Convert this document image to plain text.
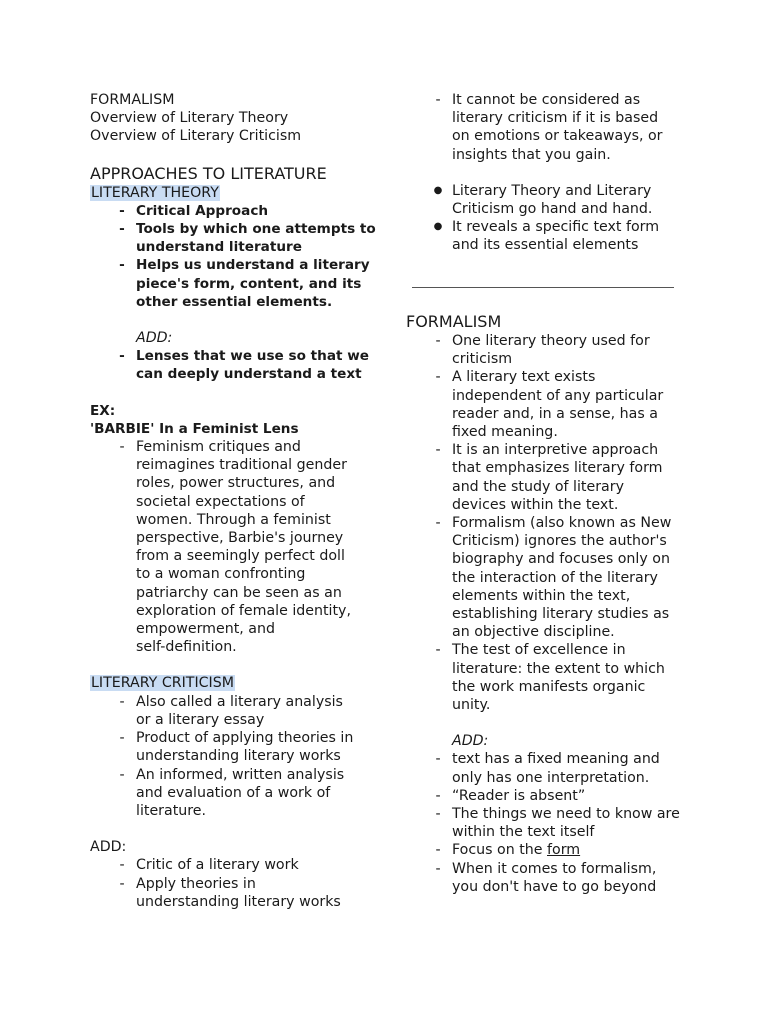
FORMALISM
Overview of Literary Theory
Overview of Literary Criticism
APPROACHES TO LITERATURE
LITERARY THEORY
- Critical Approach
- Tools by which one attempts to
understand literature
- Helps us understand a literary
piece's form, content, and its
other essential elements.
ADD:
- Lenses that we use so that we
can deeply understand a text
EX:
'BARBIE' In a Feminist Lens
- Feminism critiques and
reimagines traditional gender
roles, power structures, and
societal expectations of
women. Through a feminist
perspective, Barbie's journey
from a seemingly perfect doll
to a woman confronting
patriarchy can be seen as an
exploration of female identity,
empowerment, and
self-definition.
LITERARY CRITICISM
- Also called a literary analysis
or a literary essay
- Product of applying theories in
understanding literary works
- An informed, written analysis
and evaluation of a work of
literature.
ADD:
- Critic of a literary work
- Apply theories in
understanding literary works
- It cannot be considered as
literary criticism if it is based
on emotions or takeaways, or
insights that you gain.
● Literary Theory and Literary
Criticism go hand and hand.
● It reveals a specific text form
and its essential elements
FORMALISM
- One literary theory used for
criticism
- A literary text exists
independent of any particular
reader and, in a sense, has a
fixed meaning.
- It is an interpretive approach
that emphasizes literary form
and the study of literary
devices within the text.
- Formalism (also known as New
Criticism) ignores the author's
biography and focuses only on
the interaction of the literary
elements within the text,
establishing literary studies as
an objective discipline.
- The test of excellence in
literature: the extent to which
the work manifests organic
unity.
ADD:
- text has a fixed meaning and
only has one interpretation.
- “Reader is absent”
- The things we need to know are
within the text itself
- Focus on the form
- When it comes to formalism,
you don't have to go beyond
